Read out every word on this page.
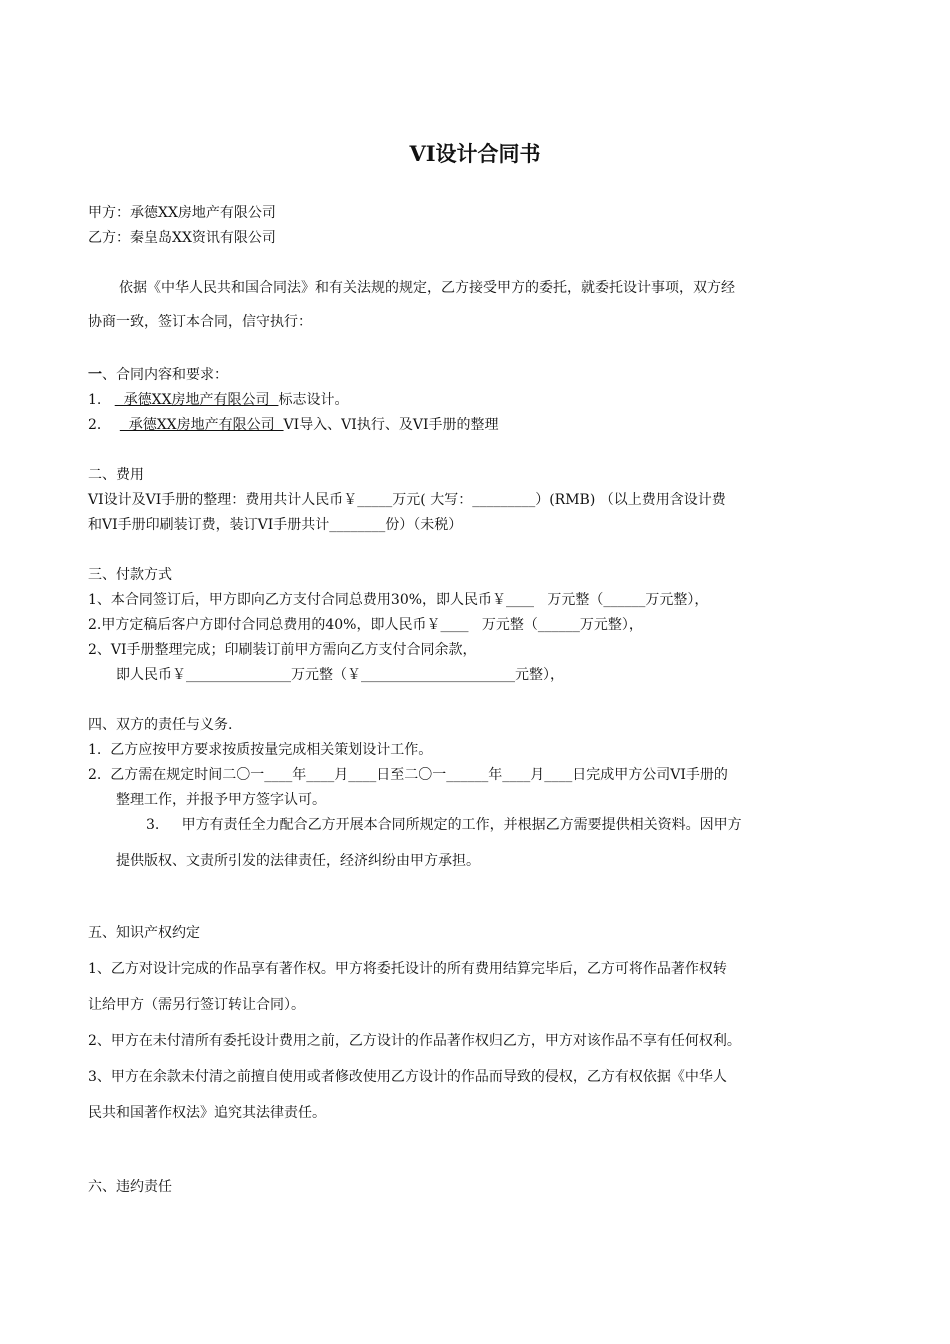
VI设计合同书
甲方：承德XX房地产有限公司
乙方：秦皇岛XX资讯有限公司
依据《中华人民共和国合同法》和有关法规的规定，乙方接受甲方的委托，就委托设计事项，双方经
协商一致，签订本合同，信守执行：
一、合同内容和要求：
1.     承德XX房地产有限公司  标志设计。
2．    承德XX房地产有限公司  VI导入、VI执行、及VI手册的整理
二、费用
VI设计及VI手册的整理：费用共计人民币￥_____万元( 大写：_________）(RMB) （以上费用含设计费
和VI手册印刷装订费，装订VI手册共计________份）（未税）
三、付款方式
1、本合同签订后，甲方即向乙方支付合同总费用30%，即人民币￥____   万元整（______万元整），
2.甲方定稿后客户方即付合同总费用的40%，即人民币￥____   万元整（______万元整），
2、VI手册整理完成；印刷装订前甲方需向乙方支付合同余款，
即人民币￥_______________万元整（￥______________________元整），
四、双方的责任与义务.
1.  乙方应按甲方要求按质按量完成相关策划设计工作。
2.  乙方需在规定时间二〇一____年____月____日至二〇一______年____月____日完成甲方公司VI手册的
整理工作，并报予甲方签字认可。
3.     甲方有责任全力配合乙方开展本合同所规定的工作，并根据乙方需要提供相关资料。因甲方
提供版权、文责所引发的法律责任，经济纠纷由甲方承担。
五、知识产权约定
1、乙方对设计完成的作品享有著作权。甲方将委托设计的所有费用结算完毕后，乙方可将作品著作权转
让给甲方（需另行签订转让合同）。
2、甲方在未付清所有委托设计费用之前，乙方设计的作品著作权归乙方，甲方对该作品不享有任何权利。
3、甲方在余款未付清之前擅自使用或者修改使用乙方设计的作品而导致的侵权，乙方有权依据《中华人
民共和国著作权法》追究其法律责任。
六、违约责任
